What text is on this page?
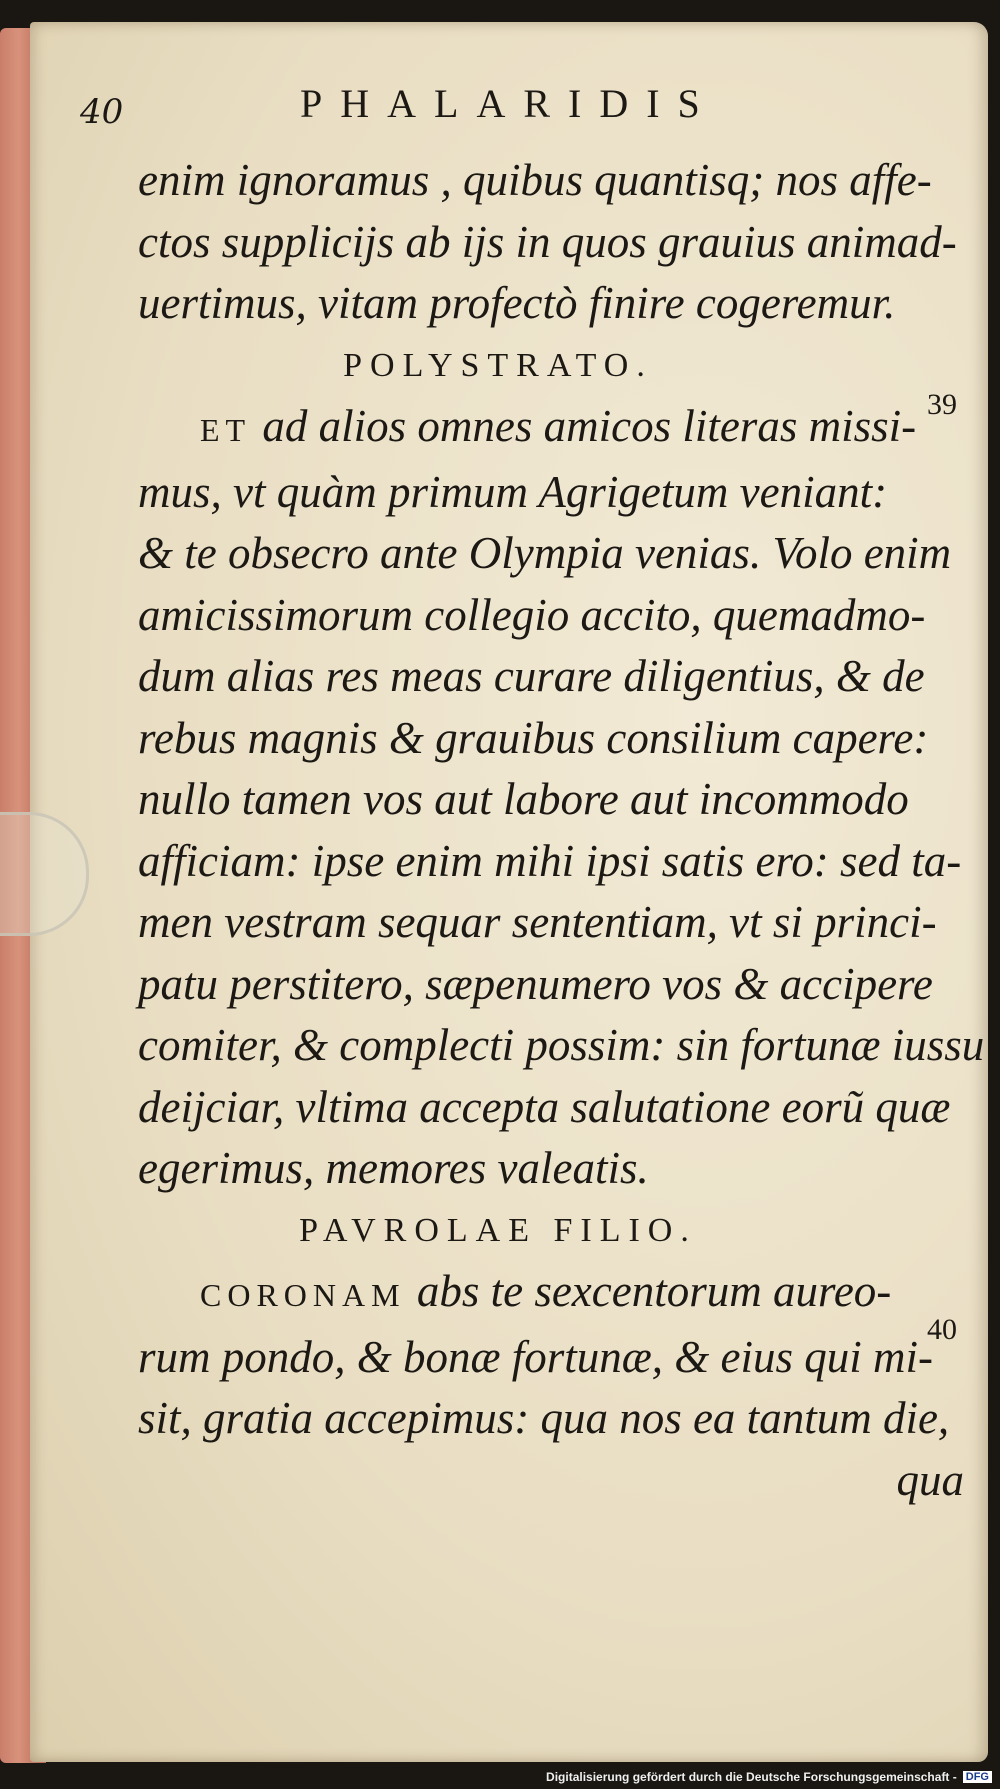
40	PHALARIDIS
enim ignoramus , quibus quantisq; nos affe-
ctos supplicijs ab ijs in quos grauius animad-
uertimus, vitam profectò finire cogeremur.
POLYSTRATO.
ET ad alios omnes amicos literas missi-
mus, vt quàm primum Agrigetum veniant:
& te obsecro ante Olympia venias. Volo enim
amicissimorum collegio accito, quemadmo-
dum alias res meas curare diligentius, & de
rebus magnis & grauibus consilium capere:
nullo tamen vos aut labore aut incommodo
afficiam: ipse enim mihi ipsi satis ero: sed ta-
men vestram sequar sententiam, vt si princi-
patu perstitero, sæpenumero vos & accipere
comiter, & complecti possim: sin fortunæ iussu
deijciar, vltima accepta salutatione eorũ quæ
egerimus, memores valeatis.
PAVROLAE FILIO.
CORONAM abs te sexcentorum aureo-
rum pondo, & bonæ fortunæ, & eius qui mi-
sit, gratia accepimus: qua nos ea tantum die,
qua
39
40
Digitalisierung gefördert durch die Deutsche Forschungsgemeinschaft - DFG
